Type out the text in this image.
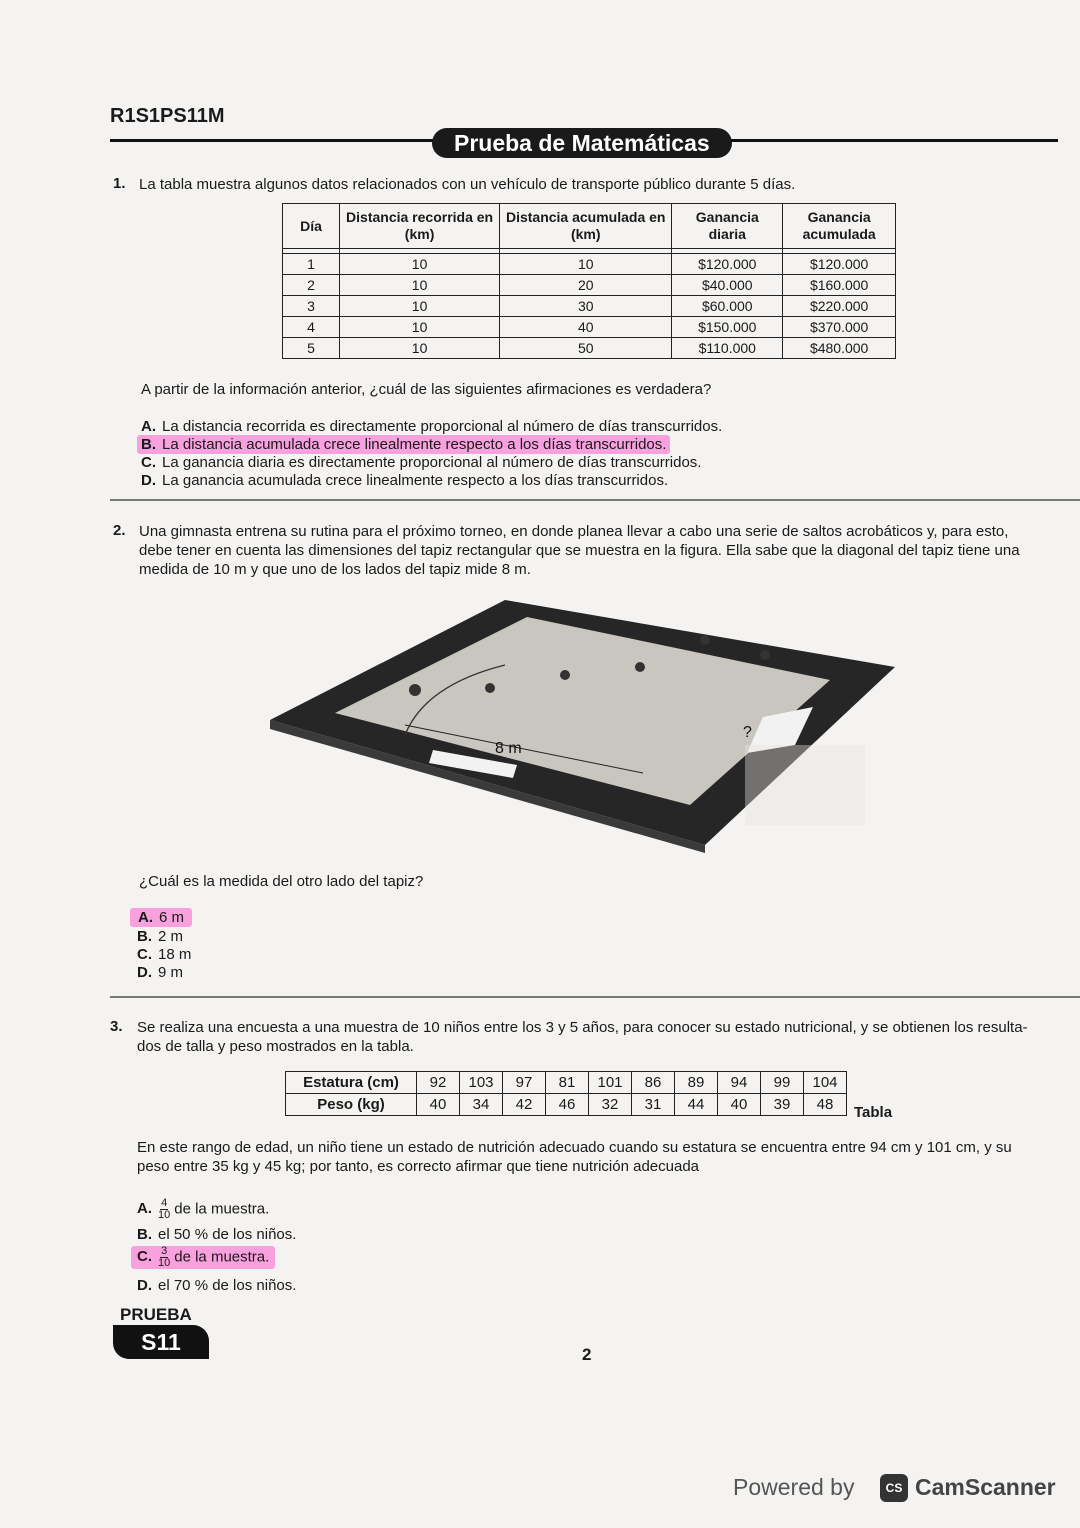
R1S1PS11M
Prueba de Matemáticas
1. La tabla muestra algunos datos relacionados con un vehículo de transporte público durante 5 días.
Día	Distancia recorrida en (km)	Distancia acumulada en (km)	Ganancia diaria	Ganancia acumulada

1	10	10	$120.000	$120.000
2	10	20	$40.000	$160.000
3	10	30	$60.000	$220.000
4	10	40	$150.000	$370.000
5	10	50	$110.000	$480.000
A partir de la información anterior, ¿cuál de las siguientes afirmaciones es verdadera?
A. La distancia recorrida es directamente proporcional al número de días transcurridos.
B. La distancia acumulada crece linealmente respecto a los días transcurridos.
C. La ganancia diaria es directamente proporcional al número de días transcurridos.
D. La ganancia acumulada crece linealmente respecto a los días transcurridos.
2. Una gimnasta entrena su rutina para el próximo torneo, en donde planea llevar a cabo una serie de saltos acrobáticos y, para esto,
debe tener en cuenta las dimensiones del tapiz rectangular que se muestra en la figura. Ella sabe que la diagonal del tapiz tiene una
medida de 10 m y que uno de los lados del tapiz mide 8 m.
8 m
?
¿Cuál es la medida del otro lado del tapiz?
A. 6 m
B. 2 m
C. 18 m
D. 9 m
3. Se realiza una encuesta a una muestra de 10 niños entre los 3 y 5 años, para conocer su estado nutricional, y se obtienen los resulta-
dos de talla y peso mostrados en la tabla.
Estatura (cm)	92	103	97	81	101	86	89	94	99	104
Peso (kg)	40	34	42	46	32	31	44	40	39	48 Tabla
En este rango de edad, un niño tiene un estado de nutrición adecuado cuando su estatura se encuentra entre 94 cm y 101 cm, y su
peso entre 35 kg y 45 kg; por tanto, es correcto afirmar que tiene nutrición adecuada
A. $\frac{4}{10}$ de la muestra.
B. el 50 % de los niños.
C. $\frac{3}{10}$ de la muestra.
D. el 70 % de los niños.
PRUEBA
S11	2
Powered by	CS CamScanner
